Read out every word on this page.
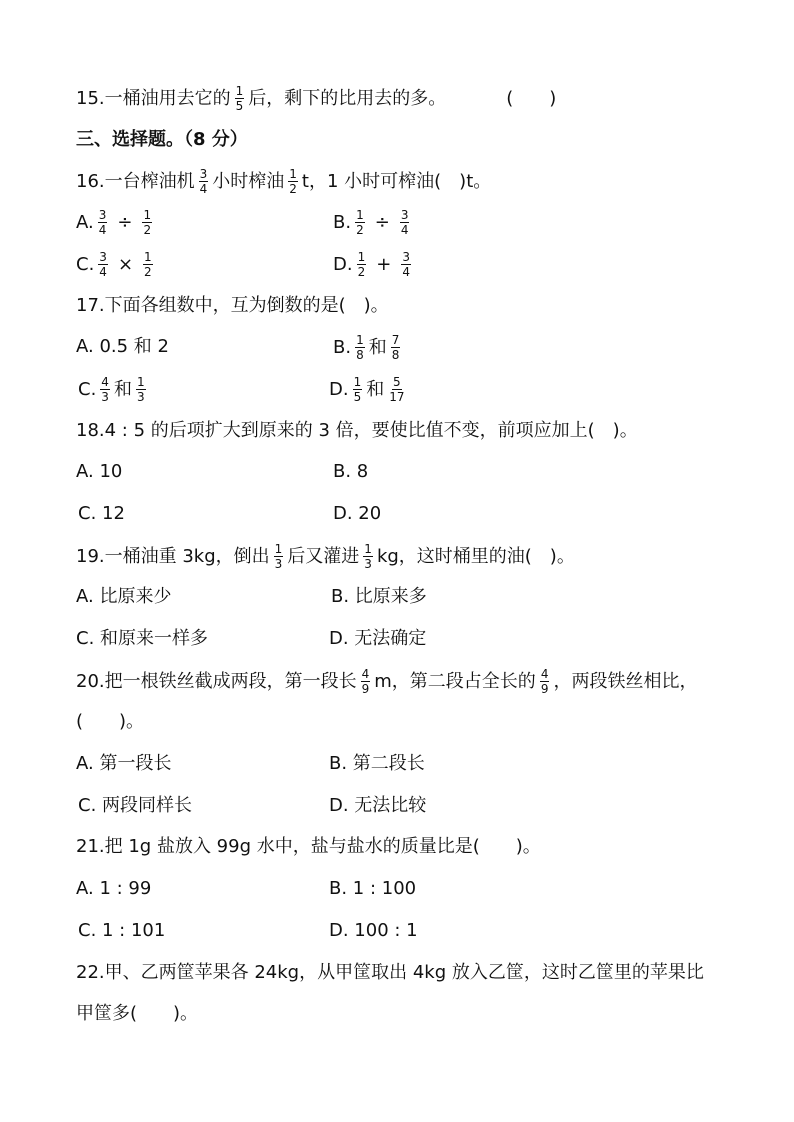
15.一桶油用去它的 $\frac{1}{5}$ 后，剩下的比用去的多。	(　　)
三、选择题。（8 分）
16.一台榨油机 $\frac{3}{4}$ 小时榨油 $\frac{1}{2}$ t，1 小时可榨油(　)t。
A. $\frac{3}{4} \div \frac{1}{2}$	B. $\frac{1}{2} \div \frac{3}{4}$
C. $\frac{3}{4} \times \frac{1}{2}$	D. $\frac{1}{2} + \frac{3}{4}$
17.下面各组数中，互为倒数的是(　)。
A. 0.5 和 2	B. $\frac{1}{8}$ 和 $\frac{7}{8}$
C. $\frac{4}{3}$ 和 $\frac{1}{3}$	D. $\frac{1}{5}$ 和 $\frac{5}{17}$
18.4 : 5 的后项扩大到原来的 3 倍，要使比值不变，前项应加上(　)。
A. 10	B. 8
C. 12	D. 20
19.一桶油重 3kg，倒出 $\frac{1}{3}$ 后又灌进 $\frac{1}{3}$ kg，这时桶里的油(　)。
A. 比原来少	B. 比原来多
C. 和原来一样多	D. 无法确定
20.把一根铁丝截成两段，第一段长 $\frac{4}{9}$ m，第二段占全长的 $\frac{4}{9}$ ，两段铁丝相比，
(　　)。
A. 第一段长	B. 第二段长
C. 两段同样长	D. 无法比较
21.把 1g 盐放入 99g 水中，盐与盐水的质量比是(　　)。
A. 1 : 99	B. 1 : 100
C. 1 : 101	D. 100 : 1
22.甲、乙两筐苹果各 24kg，从甲筐取出 4kg 放入乙筐，这时乙筐里的苹果比
甲筐多(　　)。
